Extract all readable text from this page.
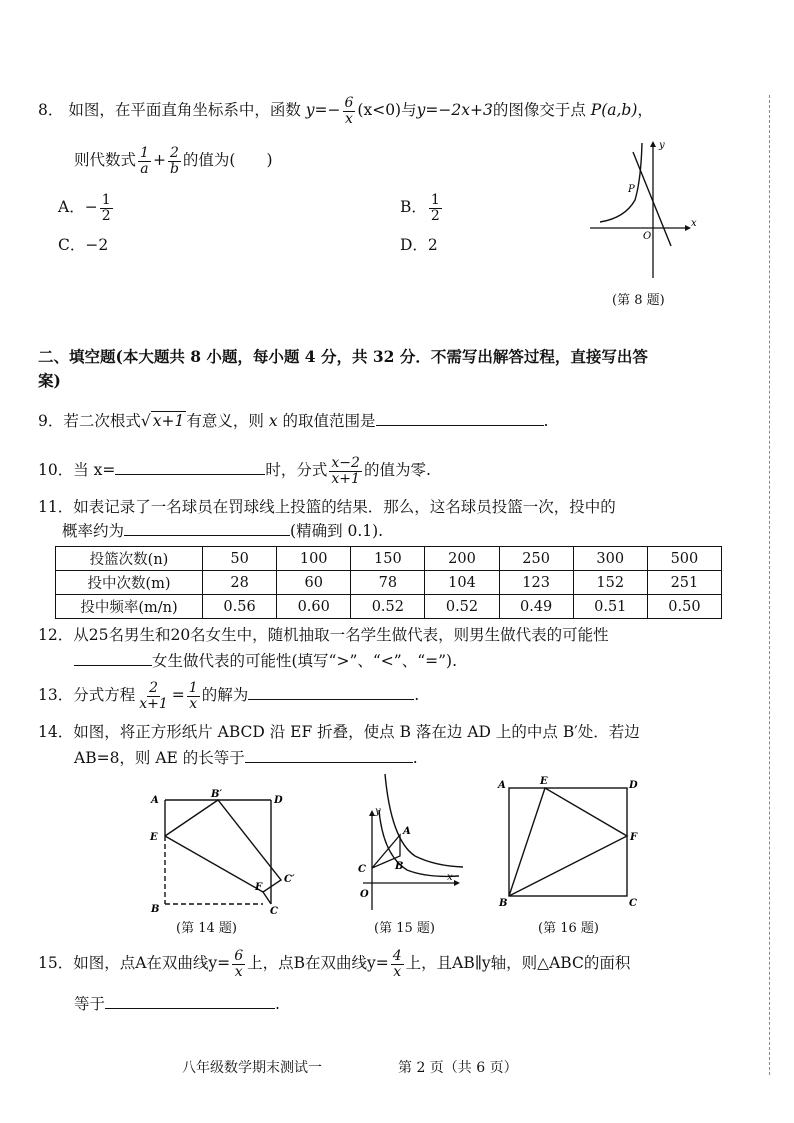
8． 如图，在平面直角坐标系中，函数 $y=- \frac{6}{x} (x<0)$与y=−2x+3的图像交于点 P(a,b)，
则代数式 $\frac{1}{a} + \frac{2}{b}$ 的值为(　　)
A．− $\frac{1}{2}$	B． $\frac{1}{2}$
C．−2	D．2
P
O
x
y
(第 8 题)
二、填空题(本大题共 8 小题，每小题 4 分，共 32 分．不需写出解答过程，直接写出答
案)
9．若二次根式√ x+1 有意义，则 x 的取值范围是	.
10．当 x=	时，分式 $\frac{x-2}{x+1}$ 的值为零.
11．如表记录了一名球员在罚球线上投篮的结果．那么，这名球员投篮一次，投中的
概率约为	(精确到 0.1).
投篮次数(n)	50	100	150	200	250	300	500
投中次数(m)	28	60	78	104	123	152	251
投中频率(m/n)	0.56	0.60	0.52	0.52	0.49	0.51	0.50
12．从25名男生和20名女生中，随机抽取一名学生做代表，则男生做代表的可能性
女生做代表的可能性(填写“>”、“<”、“=”).
13．分式方程 $\frac{2}{x+1} = \frac{1}{x}$ 的解为	.
14．如图，将正方形纸片 ABCD 沿 EF 折叠，使点 B 落在边 AD 上的中点 B′处．若边
AB=8，则 AE 的长等于	.
A
B′
D
E
B	C
F
C′
(第 14 题)
y
A
C	B
O
x
(第 15 题)
A	E	D
F
B	C
(第 16 题)
15．如图，点A在双曲线$y= \frac{6}{x}$ 上，点B在双曲线$y= \frac{4}{x}$ 上，且AB∥y轴，则△ABC的面积
等于	.
八年级数学期末测试一	第 2 页（共 6 页）
